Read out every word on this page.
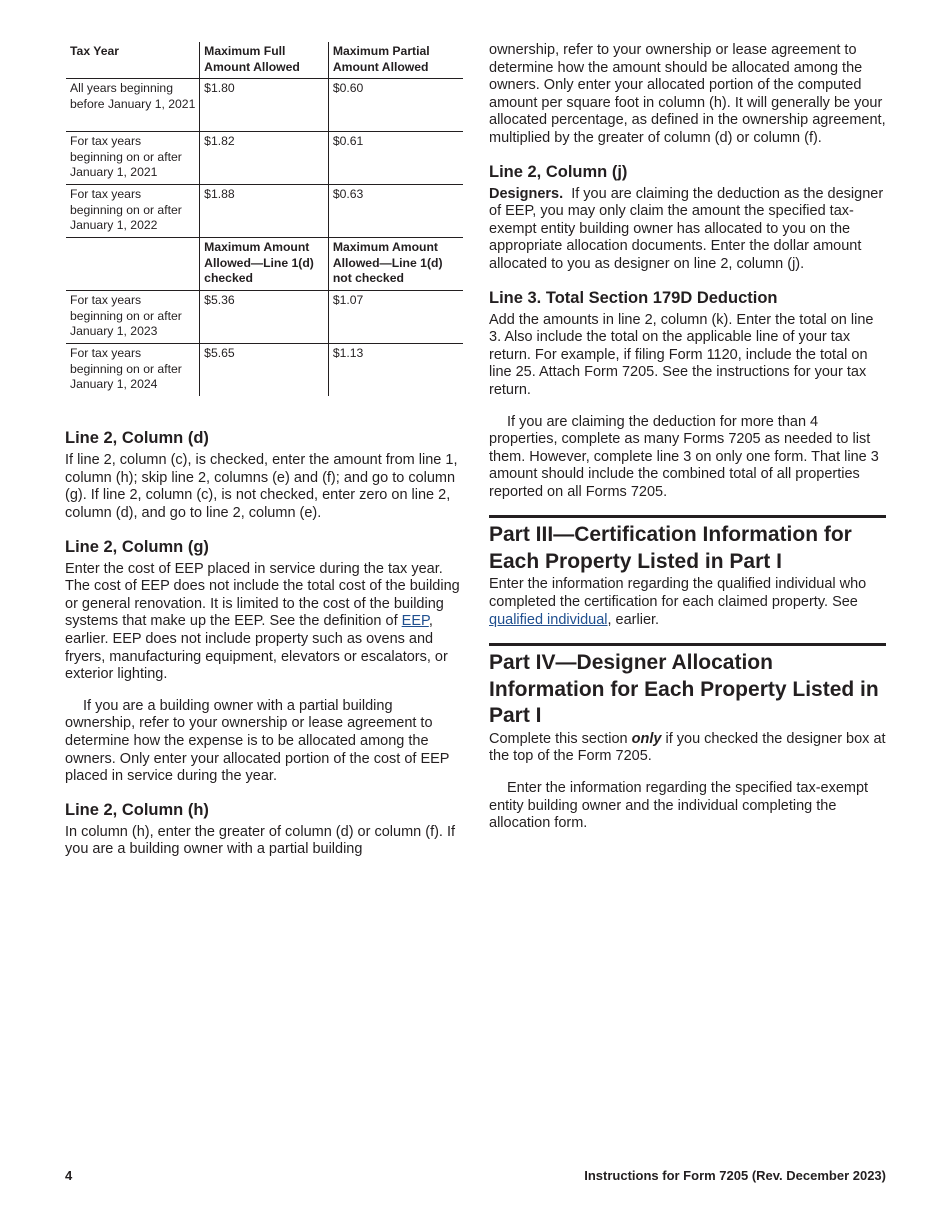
Tax Year	Maximum Full Amount Allowed	Maximum Partial Amount Allowed
All years beginning before January 1, 2021	$1.80	$0.60
For tax years beginning on or after January 1, 2021	$1.82	$0.61
For tax years beginning on or after January 1, 2022	$1.88	$0.63
	Maximum Amount Allowed—Line 1(d) checked	Maximum Amount Allowed—Line 1(d) not checked
For tax years beginning on or after January 1, 2023	$5.36	$1.07
For tax years beginning on or after January 1, 2024	$5.65	$1.13
Line 2, Column (d)

If line 2, column (c), is checked, enter the amount from line 1, column (h); skip line 2, columns (e) and (f); and go to column (g). If line 2, column (c), is not checked, enter zero on line 2, column (d), and go to line 2, column (e).

Line 2, Column (g)

Enter the cost of EEP placed in service during the tax year. The cost of EEP does not include the total cost of the building or general renovation. It is limited to the cost of the building systems that make up the EEP. See the definition of EEP, earlier. EEP does not include property such as ovens and fryers, manufacturing equipment, elevators or escalators, or exterior lighting.

If you are a building owner with a partial building ownership, refer to your ownership or lease agreement to determine how the expense is to be allocated among the owners. Only enter your allocated portion of the cost of EEP placed in service during the year.

Line 2, Column (h)

In column (h), enter the greater of column (d) or column (f). If you are a building owner with a partial building

ownership, refer to your ownership or lease agreement to determine how the amount should be allocated among the owners. Only enter your allocated portion of the computed amount per square foot in column (h). It will generally be your allocated percentage, as defined in the ownership agreement, multiplied by the greater of column (d) or column (f).

Line 2, Column (j)

Designers. If you are claiming the deduction as the designer of EEP, you may only claim the amount the specified tax-exempt entity building owner has allocated to you on the appropriate allocation documents. Enter the dollar amount allocated to you as designer on line 2, column (j).

Line 3. Total Section 179D Deduction

Add the amounts in line 2, column (k). Enter the total on line 3. Also include the total on the applicable line of your tax return. For example, if filing Form 1120, include the total on line 25. Attach Form 7205. See the instructions for your tax return.

If you are claiming the deduction for more than 4 properties, complete as many Forms 7205 as needed to list them. However, complete line 3 on only one form. That line 3 amount should include the combined total of all properties reported on all Forms 7205.

Part III—Certification Information for Each Property Listed in Part I

Enter the information regarding the qualified individual who completed the certification for each claimed property. See qualified individual, earlier.

Part IV—Designer Allocation Information for Each Property Listed in Part I

Complete this section only if you checked the designer box at the top of the Form 7205.

Enter the information regarding the specified tax-exempt entity building owner and the individual completing the allocation form.

4	Instructions for Form 7205 (Rev. December 2023)
